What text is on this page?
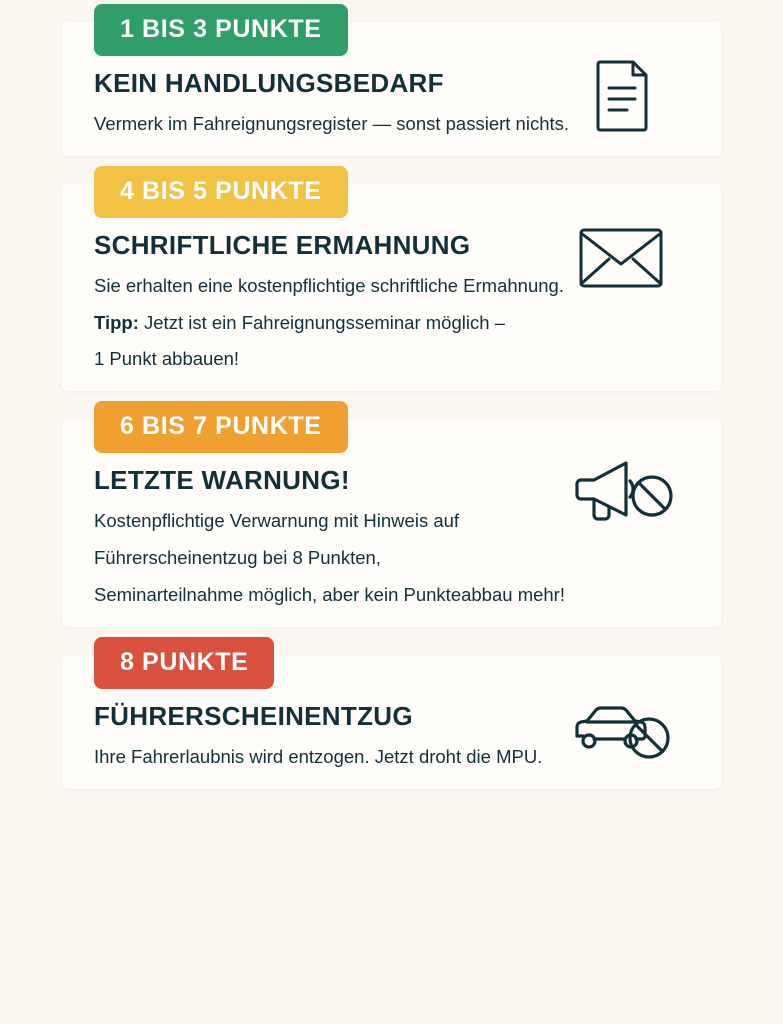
1 BIS 3 PUNKTE
KEIN HANDLUNGSBEDARF

Vermerk im Fahreignungsregister — sonst passiert nichts.

4 BIS 5 PUNKTE
SCHRIFTLICHE ERMAHNUNG

Sie erhalten eine kostenpflichtige schriftliche Ermahnung.

Tipp: Jetzt ist ein Fahreignungsseminar möglich –

1 Punkt abbauen!

6 BIS 7 PUNKTE
LETZTE WARNUNG!

Kostenpflichtige Verwarnung mit Hinweis auf

Führerscheinentzug bei 8 Punkten,

Seminarteilnahme möglich, aber kein Punkteabbau mehr!

8 PUNKTE
FÜHRERSCHEINENTZUG

Ihre Fahrerlaubnis wird entzogen. Jetzt droht die MPU.
